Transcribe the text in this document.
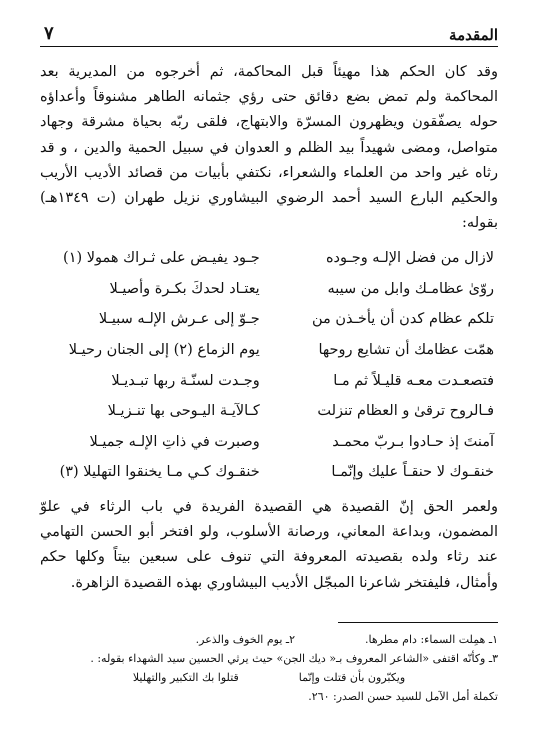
المقدمة
٧
وقد كان الحكم هذا مهيئاً قبل المحاكمة، ثم أخرجوه من المديرية بعد المحاكمة ولم تمض بضع دقائق حتى رؤي جثمانه الطاهر مشنوقاً وأعداؤه حوله يصفّقون ويظهرون المسرّة والابتهاج، فلقى ربّه بحياة مشرقة وجهاد متواصل، ومضى شهيداً بيد الظلم و العدوان في سبيل الحمية والدين ، و قد رثاه غير واحد من العلماء والشعراء، نكتفي بأبيات من قصائد الأديب الأريب والحكيم البارع السيد أحمد الرضوي البيشاوري نزيل طهران (ت ١٣٤٩هـ) بقوله:
لازال من فضل الإلـه وجـوده
جـود يفيـض على ثـراك همولا (١)
روّىٰ عظامـك وابل من سيبه
يعتـاد لحدكَ بكـرة وأصيـلا
تلكم عظام كدن أن يأخـذن من
جـوّ إلى عـرش الإلـه سبيـلا
همّت عظامك أن تشايع روحها
يوم الزماع (٢) إلى الجنان رحيـلا
فتصعـدت معـه قليـلاً ثم مـا
وجـدت لسنّـة ربها تبـديـلا
فـالروح ترقىٰ و العظام تنزلت
كـالآيـة اليـوحى بها تنـزيـلا
آمنتَ إذ حـادوا بـربّ محمـد
وصبرت في ذاتِ الإلـه جميـلا
خنقـوك لا حنقـاً عليك وإنّمـا
خنقـوك كـي مـا يخنقوا التهليلا (٣)
ولعمر الحق إنّ القصيدة هي القصيدة الفريدة في باب الرثاء في علوّ المضمون، وبداعة المعاني، ورصانة الأسلوب، ولو افتخر أبو الحسن التهامي عند رثاء ولده بقصيدته المعروفة التي تنوف على سبعين بيتاً وكلها حكم وأمثال، فليفتخر شاعرنا المبجّل الأديب البيشاوري بهذه القصيدة الزاهرة.
١ـ همِلت السماء: دام مطرها.
٢ـ يوم الخوف والذعر.
٣ـ وكأنّه اقتفى «الشاعر المعروف بـ« ديك الجن» حيث يرثي الحسين سيد الشهداء بقوله: .
ويكبّرون بأن قتلت وإنّما
قتلوا بك التكبير والتهليلا
تكملة أمل الآمل للسيد حسن الصدر: ٢٦٠.
